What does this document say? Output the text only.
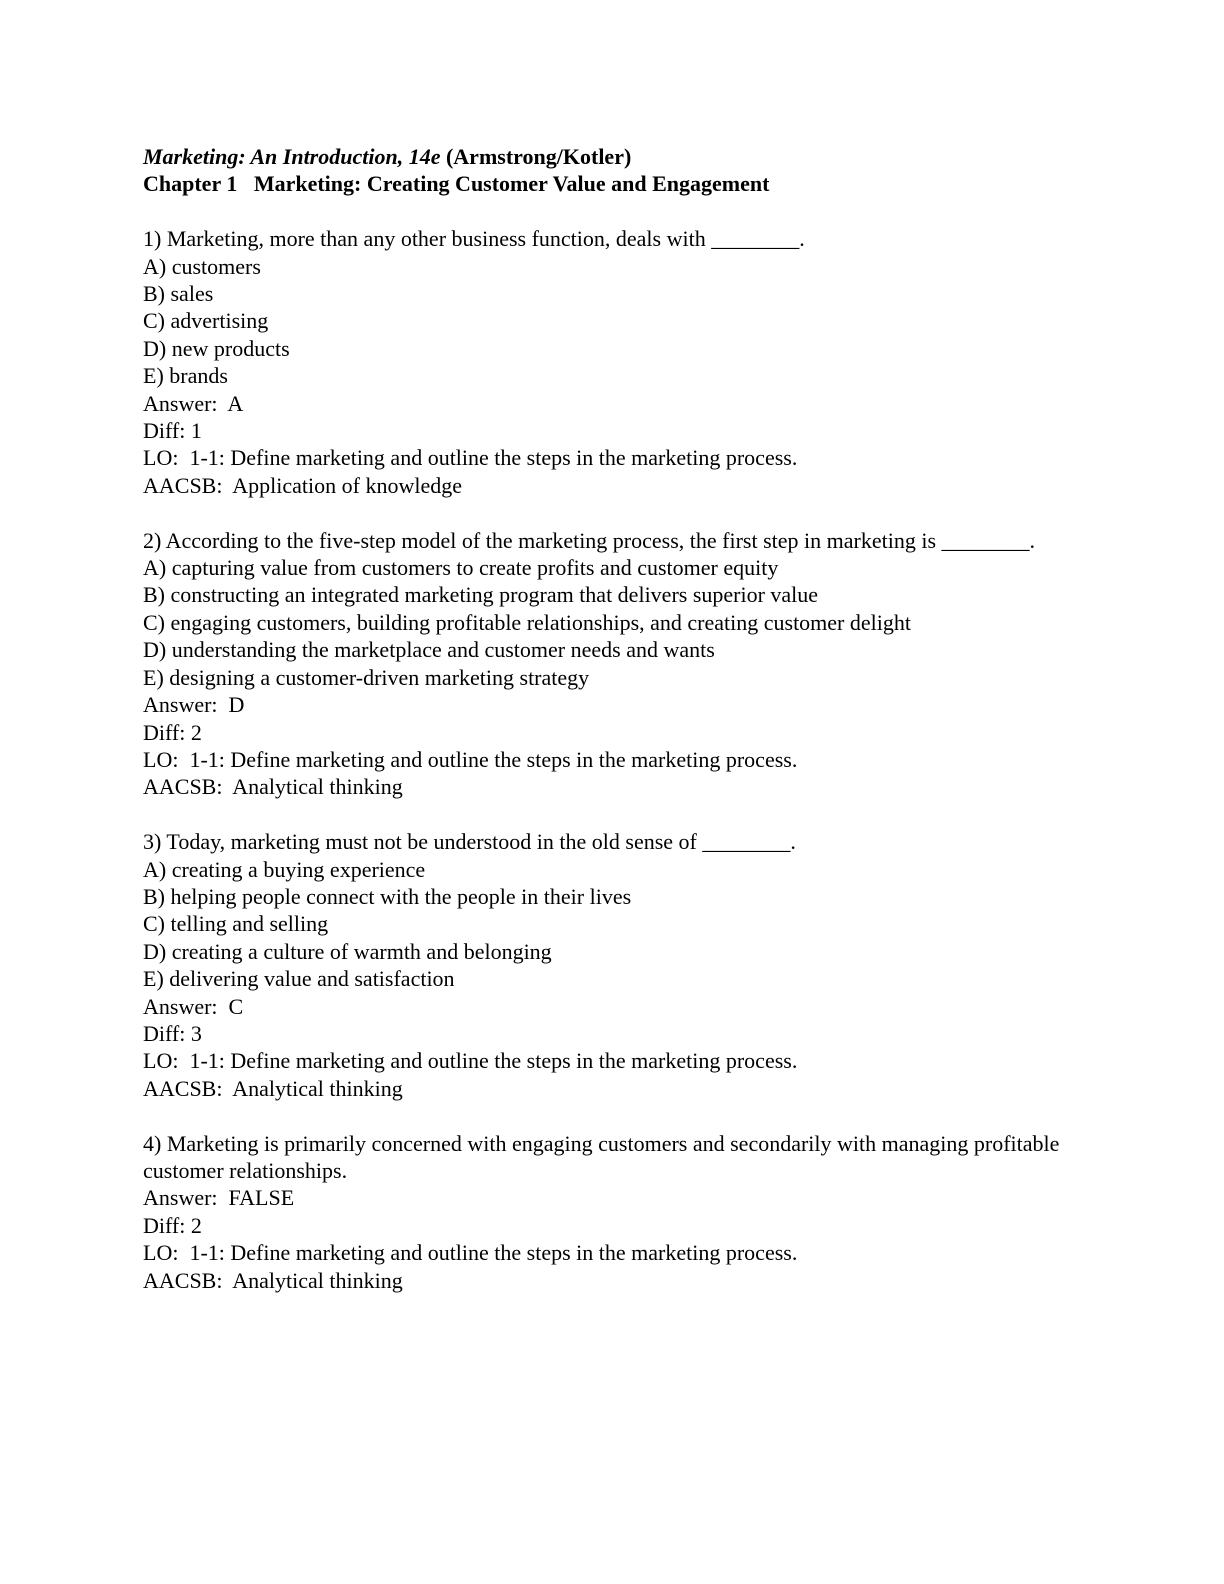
Marketing: An Introduction, 14e (Armstrong/Kotler)
Chapter 1   Marketing: Creating Customer Value and Engagement
1) Marketing, more than any other business function, deals with ________.
A) customers
B) sales
C) advertising
D) new products
E) brands
Answer:  A
Diff: 1
LO:  1-1: Define marketing and outline the steps in the marketing process.
AACSB:  Application of knowledge
2) According to the five-step model of the marketing process, the first step in marketing is ________.
A) capturing value from customers to create profits and customer equity
B) constructing an integrated marketing program that delivers superior value
C) engaging customers, building profitable relationships, and creating customer delight
D) understanding the marketplace and customer needs and wants
E) designing a customer-driven marketing strategy
Answer:  D
Diff: 2
LO:  1-1: Define marketing and outline the steps in the marketing process.
AACSB:  Analytical thinking
3) Today, marketing must not be understood in the old sense of ________.
A) creating a buying experience
B) helping people connect with the people in their lives
C) telling and selling
D) creating a culture of warmth and belonging
E) delivering value and satisfaction
Answer:  C
Diff: 3
LO:  1-1: Define marketing and outline the steps in the marketing process.
AACSB:  Analytical thinking
4) Marketing is primarily concerned with engaging customers and secondarily with managing profitable customer relationships.
Answer:  FALSE
Diff: 2
LO:  1-1: Define marketing and outline the steps in the marketing process.
AACSB:  Analytical thinking
